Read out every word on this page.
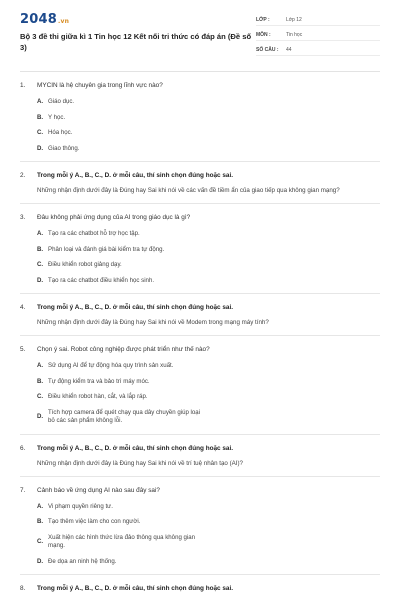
2048.vn
Bộ 3 đề thi giữa kì 1 Tin học 12 Kết nối tri thức có đáp án (Đề số 3)
LỚP :	Lớp 12
MÔN :	Tin học
SỐ CÂU :	44
1.	MYCIN là hệ chuyên gia trong lĩnh vực nào?
A. Giáo dục.
B. Y học.
C. Hóa học.
D. Giao thông.
2.	Trong mỗi ý A., B., C., D. ở mỗi câu, thí sinh chọn đúng hoặc sai.
Những nhận định dưới đây là Đúng hay Sai khi nói về các vấn đề tiềm ẩn của giao tiếp qua không gian mạng?
3.	Đâu không phải ứng dụng của AI trong giáo dục là gì?
A. Tạo ra các chatbot hỗ trợ học tập.
B. Phân loại và đánh giá bài kiểm tra tự động.
C. Điều khiển robot giảng dạy.
D. Tạo ra các chatbot điều khiển học sinh.
4.	Trong mỗi ý A., B., C., D. ở mỗi câu, thí sinh chọn đúng hoặc sai.
Những nhận định dưới đây là Đúng hay Sai khi nói về Modem trong mạng máy tính?
5.	Chọn ý sai. Robot công nghiệp được phát triển như thế nào?
A. Sử dụng AI để tự động hóa quy trình sản xuất.
B. Tự động kiểm tra và bảo trì máy móc.
C. Điều khiển robot hàn, cắt, và lắp ráp.
D.
Tích hợp camera để quét chạy qua dây chuyền giúp loại bỏ các sản phẩm không lỗi.
6.	Trong mỗi ý A., B., C., D. ở mỗi câu, thí sinh chọn đúng hoặc sai.
Những nhận định dưới đây là Đúng hay Sai khi nói về trí tuệ nhân tạo (AI)?
7.	Cảnh báo về ứng dụng AI nào sau đây sai?
A. Vi phạm quyền riêng tư.
B. Tạo thêm việc làm cho con người.
C.
Xuất hiện các hình thức lừa đảo thông qua không gian mạng.
D. Đe dọa an ninh hệ thống.
8.	Trong mỗi ý A., B., C., D. ở mỗi câu, thí sinh chọn đúng hoặc sai.
